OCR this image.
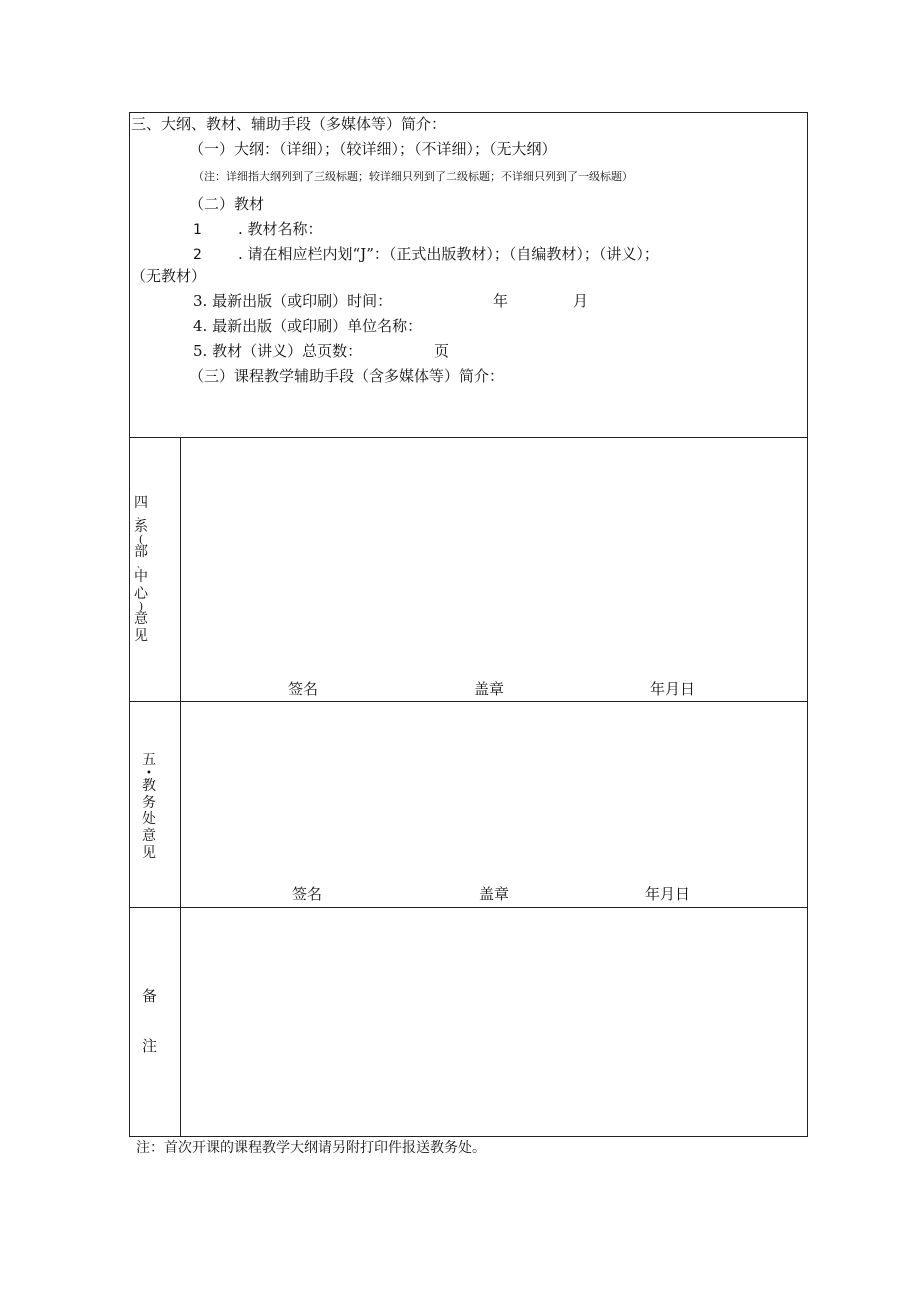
三、大纲、教材、辅助手段（多媒体等）简介：
（一）大纲：（详细）；（较详细）；（不详细）；（无大纲）
（注：详细指大纲列到了三级标题；较详细只列到了二级标题；不详细只列到了一级标题）
（二）教材
1 . 教材名称：
2 . 请在相应栏内划“J”：（正式出版教材）；（自编教材）；（讲义）；
（无教材）
3. 最新出版（或印刷）时间：	年	月
4. 最新出版（或印刷）单位名称：
5. 教材（讲义）总页数：	页
（三）课程教学辅助手段（含多媒体等）简介：
四
、
系
(
部
、
中
心
)
意
见
签名	盖章	年月日
五
•
教
务
处
意
见
签名	盖章	年月日
备
注
注：首次开课的课程教学大纲请另附打印件报送教务处。
